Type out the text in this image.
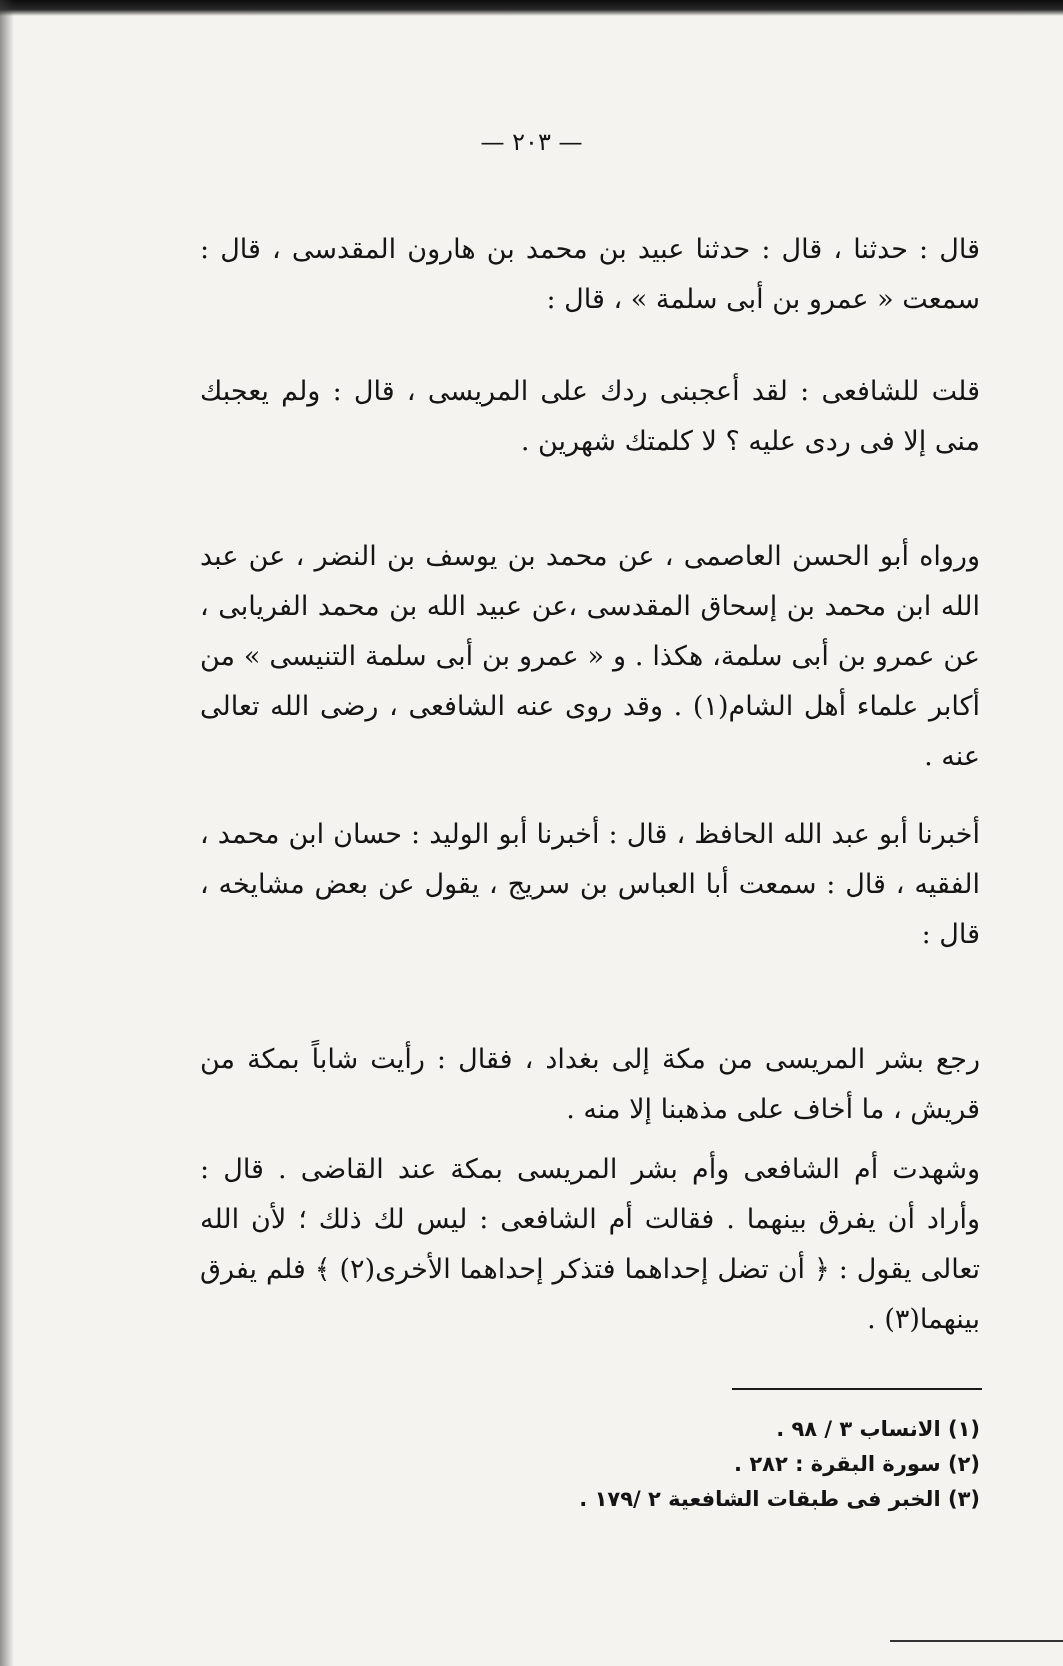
— ٢٠٣ —

قال : حدثنا ، قال : حدثنا عبيد بن محمد بن هارون المقدسى ، قال : سمعت « عمرو بن أبى سلمة » ، قال :

قلت للشافعى : لقد أعجبنى ردك على المريسى ، قال : ولم يعجبك منى إلا فى ردى عليه ؟ لا كلمتك شهرين .

ورواه أبو الحسن العاصمى ، عن محمد بن يوسف بن النضر ، عن عبد الله ابن محمد بن إسحاق المقدسى ،عن عبيد الله بن محمد الفريابى ، عن عمرو بن أبى سلمة، هكذا . و « عمرو بن أبى سلمة التنيسى » من أكابر علماء أهل الشام(١) . وقد روى عنه الشافعى ، رضى الله تعالى عنه .

أخبرنا أبو عبد الله الحافظ ، قال : أخبرنا أبو الوليد : حسان ابن محمد ، الفقيه ، قال : سمعت أبا العباس بن سريج ، يقول عن بعض مشايخه ، قال :

رجع بشر المريسى من مكة إلى بغداد ، فقال : رأيت شاباً بمكة من قريش ، ما أخاف على مذهبنا إلا منه .

وشهدت أم الشافعى وأم بشر المريسى بمكة عند القاضى . قال : وأراد أن يفرق بينهما . فقالت أم الشافعى : ليس لك ذلك ؛ لأن الله تعالى يقول : ﴿ أن تضل إحداهما فتذكر إحداهما الأخرى(٢) ﴾ فلم يفرق بينهما(٣) .

(١) الانساب ٣ / ٩٨ .

(٢) سورة البقرة : ٢٨٢ .

(٣) الخبر فى طبقات الشافعية ٢ /١٧٩ .
